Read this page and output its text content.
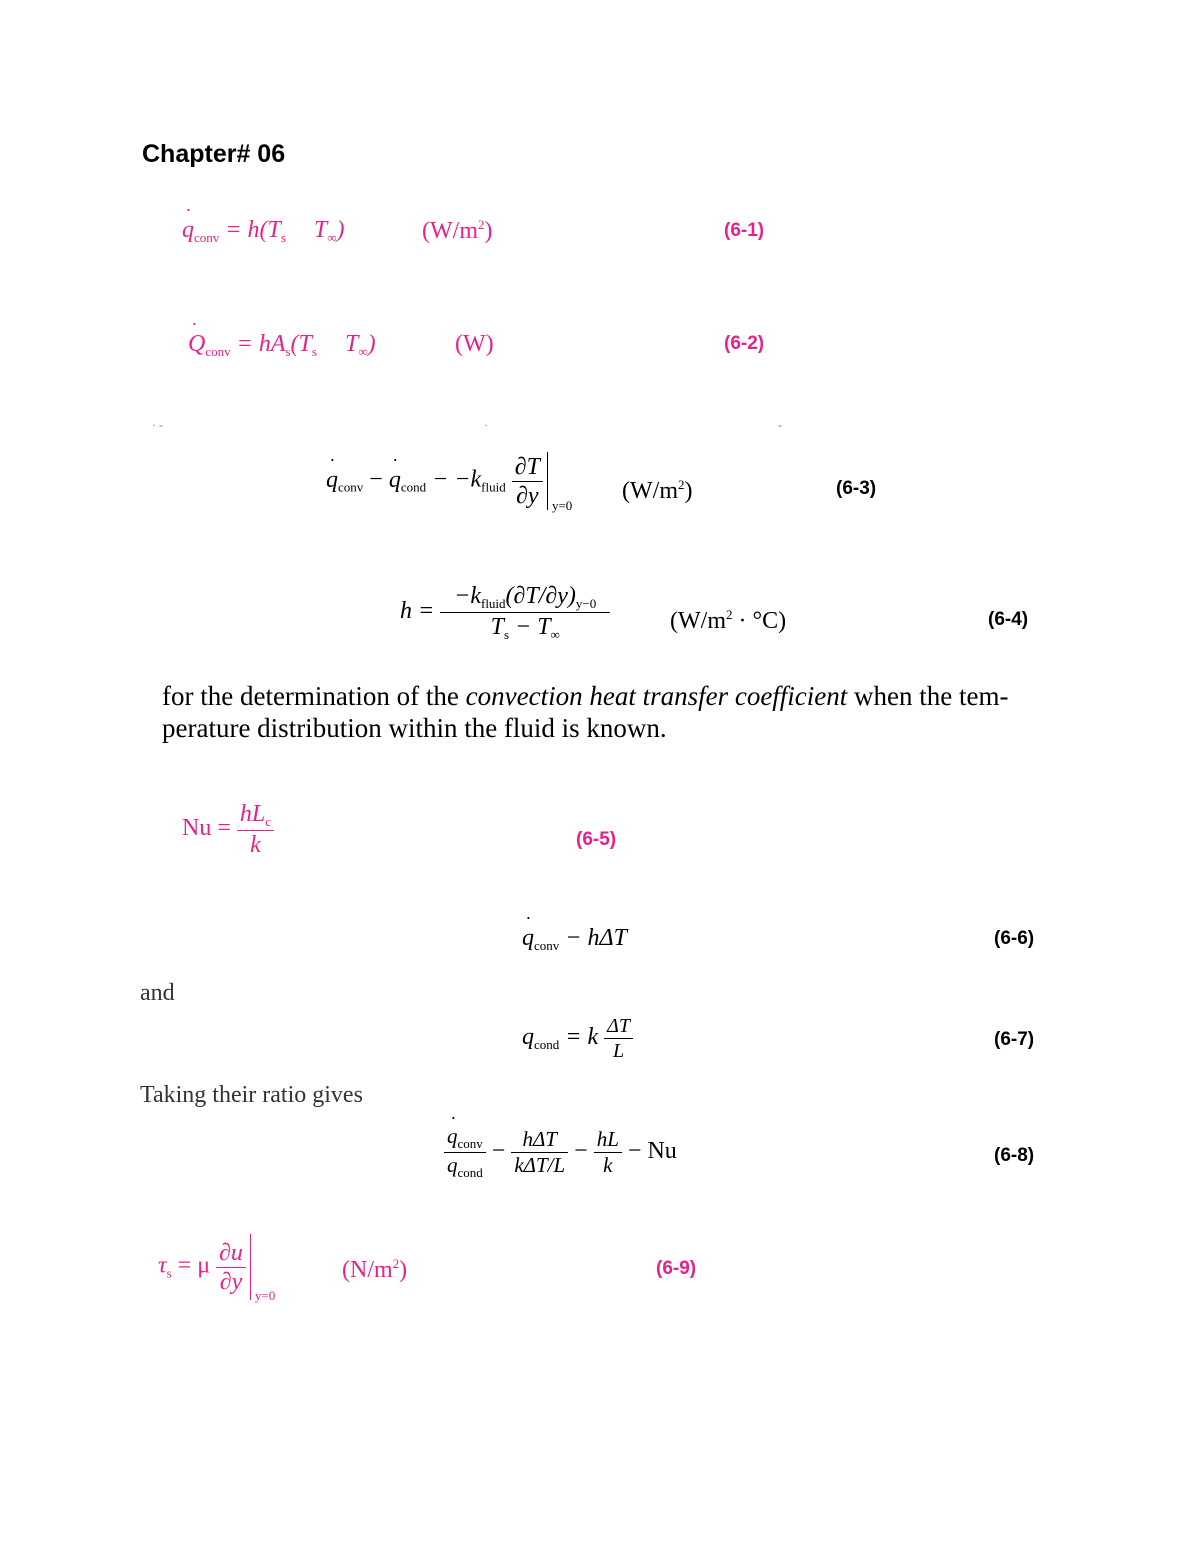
Chapter# 06
q $˙_{conv} = h(T_s$ $T_\infty$)	$(W/m^2)$	(6-1)
Q $˙_{conv} = hA_s(T_s$ $T_\infty$)	(W)	(6-2)
· -	·	-
q $˙_{conv} - q$ $˙_{cond} - -k_{fluid} \frac{\partial T}{\partial y} y=0$
$(W/m^2)$	(6-3)
$h = \frac{-k_{fluid}(\partial T/\partial y)_{y-0}}{T_s - T_\infty} (W/m^2 \cdot ^\circ C)$	(6-4)
for the determination of the convection heat transfer coefficient when the tem-perature distribution within the fluid is known.
$Nu = \frac{hL_c}{k}$	(6-5)
q $˙_{conv} - h\Delta T$	(6-6)
and
$q_{cond} = k \frac{\Delta T}{L}$	(6-7)
Taking their ratio gives
$\frac{q ˙_{conv}}{q ˙_{cond}} - \frac{\text{hΔT}}{\text{kΔT/L}} - \frac{hL}{k} - Nu$	(6-8)
$\tau_s = \mu \frac{\partial u}{\partial y}$
y=0
$(N/m^2)$	(6-9)
